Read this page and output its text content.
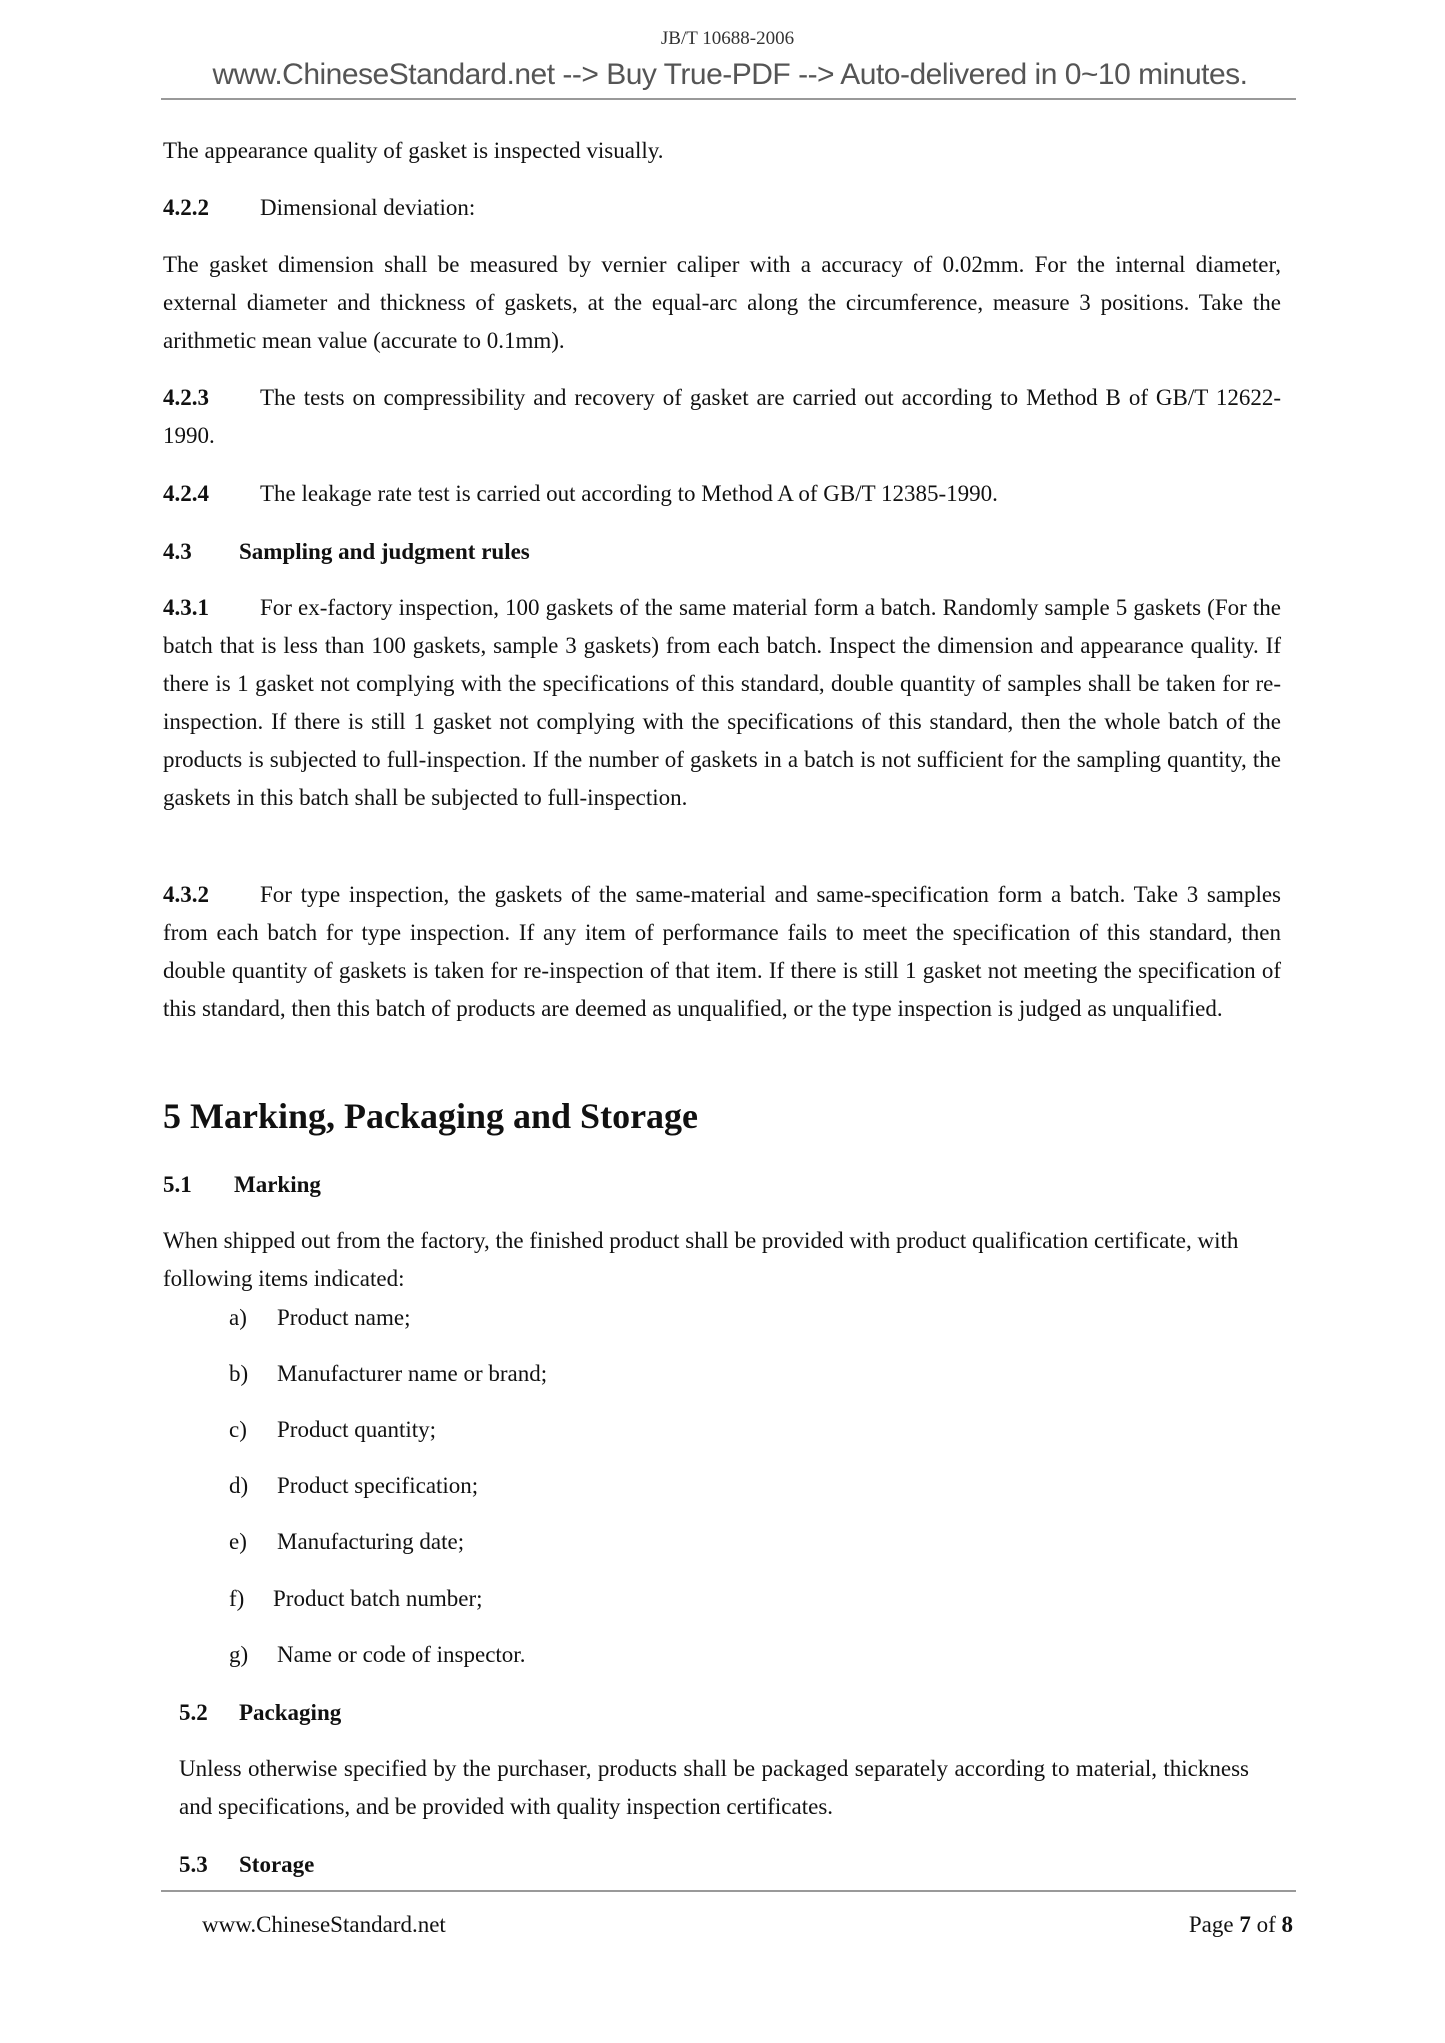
JB/T 10688-2006
www.ChineseStandard.net --> Buy True-PDF --> Auto-delivered in 0~10 minutes.
The appearance quality of gasket is inspected visually.
4.2.2 Dimensional deviation:
The gasket dimension shall be measured by vernier caliper with a accuracy of 0.02mm. For the internal diameter, external diameter and thickness of gaskets, at the equal-arc along the circumference, measure 3 positions. Take the arithmetic mean value (accurate to 0.1mm).
4.2.3 The tests on compressibility and recovery of gasket are carried out according to Method B of GB/T 12622-1990.
4.2.4 The leakage rate test is carried out according to Method A of GB/T 12385-1990.
4.3 Sampling and judgment rules
4.3.1 For ex-factory inspection, 100 gaskets of the same material form a batch. Randomly sample 5 gaskets (For the batch that is less than 100 gaskets, sample 3 gaskets) from each batch. Inspect the dimension and appearance quality. If there is 1 gasket not complying with the specifications of this standard, double quantity of samples shall be taken for re-inspection. If there is still 1 gasket not complying with the specifications of this standard, then the whole batch of the products is subjected to full-inspection. If the number of gaskets in a batch is not sufficient for the sampling quantity, the gaskets in this batch shall be subjected to full-inspection.
4.3.2 For type inspection, the gaskets of the same-material and same-specification form a batch. Take 3 samples from each batch for type inspection. If any item of performance fails to meet the specification of this standard, then double quantity of gaskets is taken for re-inspection of that item. If there is still 1 gasket not meeting the specification of this standard, then this batch of products are deemed as unqualified, or the type inspection is judged as unqualified.
5 Marking, Packaging and Storage
5.1 Marking
When shipped out from the factory, the finished product shall be provided with product qualification certificate, with following items indicated:
a) Product name;
b) Manufacturer name or brand;
c) Product quantity;
d) Product specification;
e) Manufacturing date;
f) Product batch number;
g) Name or code of inspector.
5.2 Packaging
Unless otherwise specified by the purchaser, products shall be packaged separately according to material, thickness and specifications, and be provided with quality inspection certificates.
5.3 Storage
www.ChineseStandard.net	Page 7 of 8
